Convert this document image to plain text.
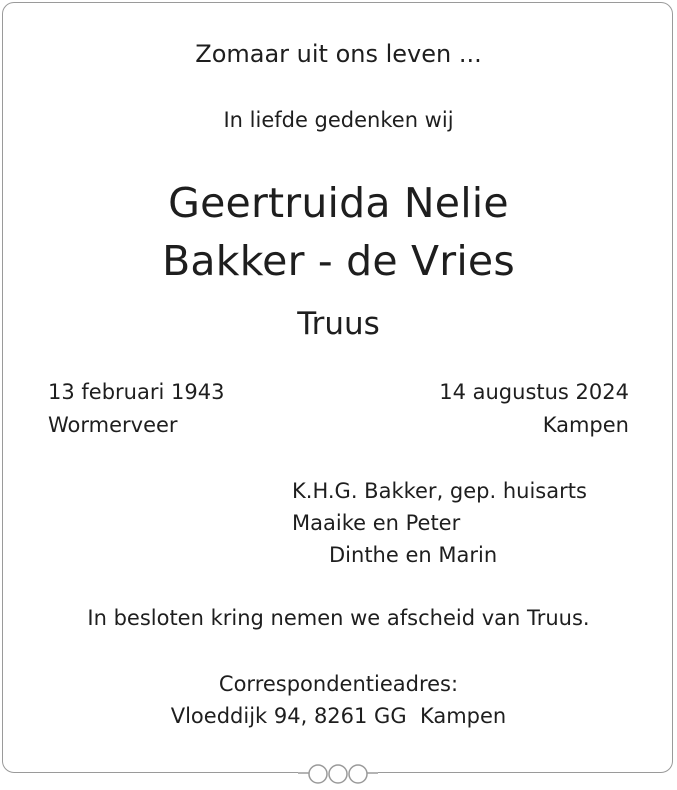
Zomaar uit ons leven ...
In liefde gedenken wij
Geertruida Nelie
Bakker - de Vries
Truus
13 februari 1943
Wormerveer
14 augustus 2024
Kampen
K.H.G. Bakker, gep. huisarts
Maaike en Peter
Dinthe en Marin
In besloten kring nemen we afscheid van Truus.
Correspondentieadres:
Vloeddijk 94, 8261 GG  Kampen
